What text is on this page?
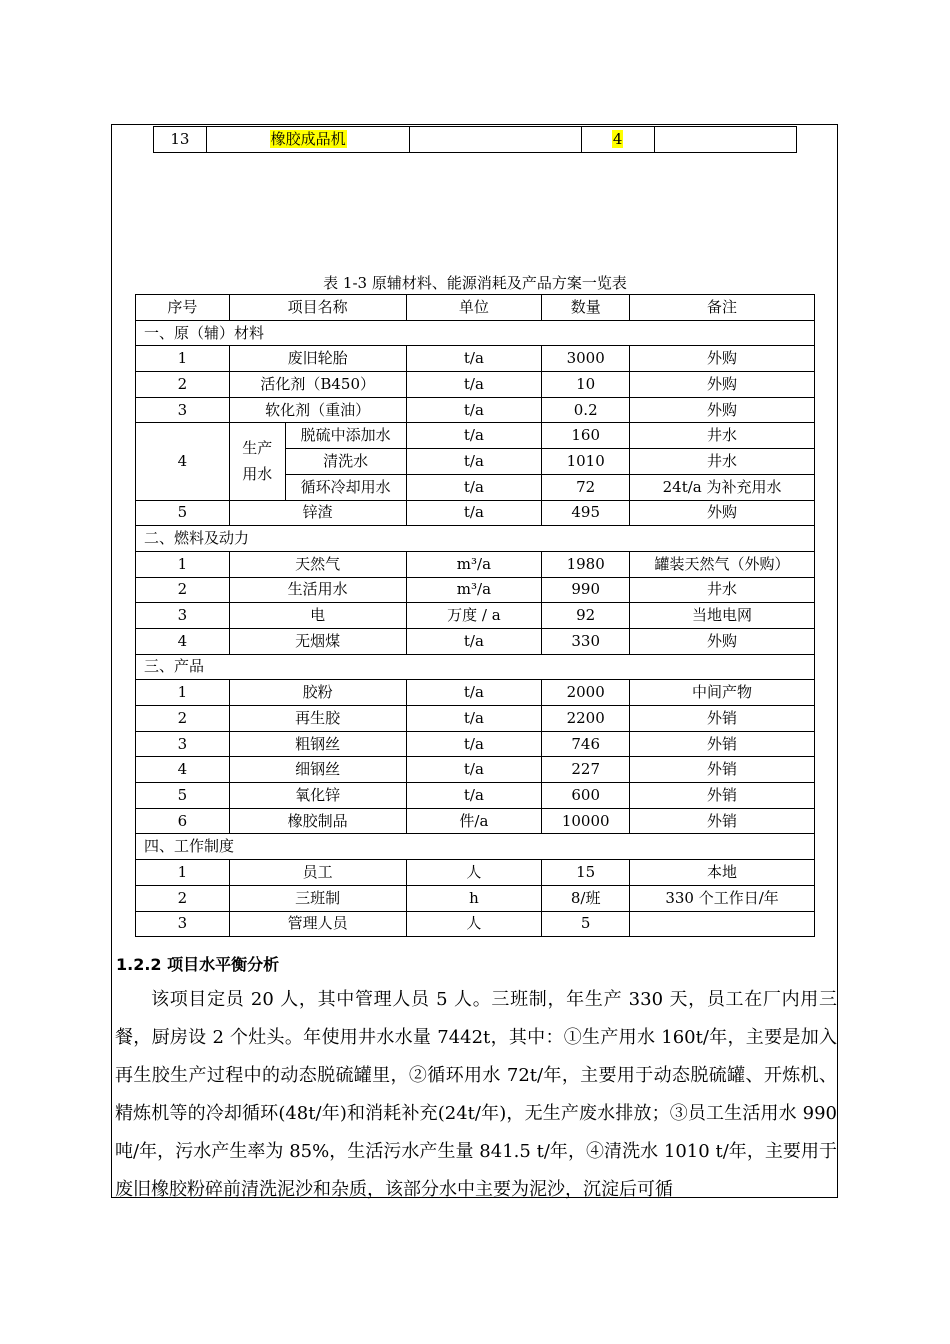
13	橡胶成品机		4	
表 1-3 原辅材料、能源消耗及产品方案一览表
序号	项目名称		单位	数量	备注
一、原（辅）材料					
1	废旧轮胎		t/a	3000	外购
2	活化剂（B450）		t/a	10	外购
3	软化剂（重油）		t/a	0.2	外购
4	生产用水	脱硫中添加水	t/a	160	井水
		清洗水	t/a	1010	井水
		循环冷却用水	t/a	72	24t/a 为补充用水
5	锌渣		t/a	495	外购
二、燃料及动力					
1	天然气		m³/a	1980	罐装天然气（外购）
2	生活用水		m³/a	990	井水
3	电		万度 / a	92	当地电网
4	无烟煤		t/a	330	外购
三、产品					
1	胶粉		t/a	2000	中间产物
2	再生胶		t/a	2200	外销
3	粗钢丝		t/a	746	外销
4	细钢丝		t/a	227	外销
5	氧化锌		t/a	600	外销
6	橡胶制品		件/a	10000	外销
四、工作制度					
1	员工		人	15	本地
2	三班制		h	8/班	330 个工作日/年
3	管理人员		人	5	
1.2.2 项目水平衡分析
该项目定员 20 人，其中管理人员 5 人。三班制，年生产 330 天，员工在厂内用三餐，厨房设 2 个灶头。年使用井水水量 7442t，其中：①生产用水 160t/年，主要是加入再生胶生产过程中的动态脱硫罐里，②循环用水 72t/年，主要用于动态脱硫罐、开炼机、精炼机等的冷却循环(48t/年)和消耗补充(24t/年)，无生产废水排放；③员工生活用水 990 吨/年，污水产生率为 85%，生活污水产生量 841.5 t/年，④清洗水 1010 t/年，主要用于废旧橡胶粉碎前清洗泥沙和杂质，该部分水中主要为泥沙，沉淀后可循
